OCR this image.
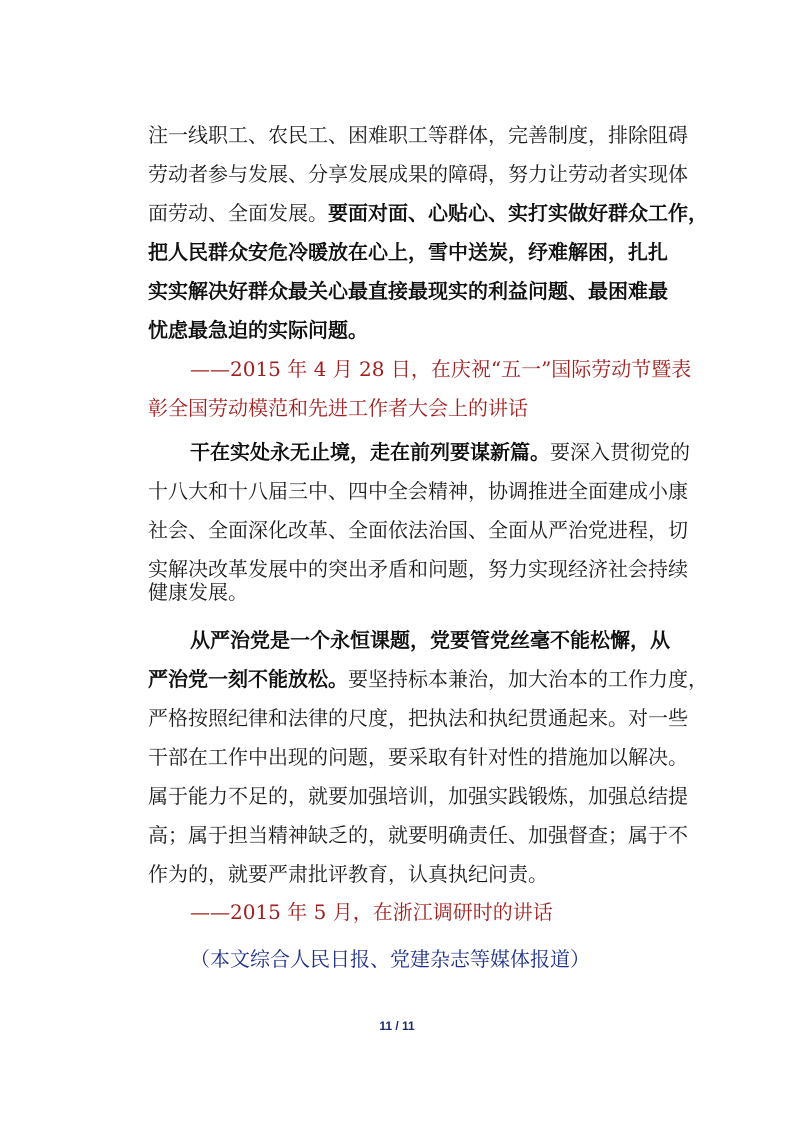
注一线职工、农民工、困难职工等群体，完善制度，排除阻碍

劳动者参与发展、分享发展成果的障碍，努力让劳动者实现体

面劳动、全面发展。要面对面、心贴心、实打实做好群众工作，

把人民群众安危冷暖放在心上，雪中送炭，纾难解困，扎扎

实实解决好群众最关心最直接最现实的利益问题、最困难最

忧虑最急迫的实际问题。

——2015 年 4 月 28 日，在庆祝“五一”国际劳动节暨表

彰全国劳动模范和先进工作者大会上的讲话

干在实处永无止境，走在前列要谋新篇。要深入贯彻党的

十八大和十八届三中、四中全会精神，协调推进全面建成小康

社会、全面深化改革、全面依法治国、全面从严治党进程，切

实解决改革发展中的突出矛盾和问题，努力实现经济社会持续

健康发展。

从严治党是一个永恒课题，党要管党丝毫不能松懈，从

严治党一刻不能放松。要坚持标本兼治，加大治本的工作力度，

严格按照纪律和法律的尺度，把执法和执纪贯通起来。对一些

干部在工作中出现的问题，要采取有针对性的措施加以解决。

属于能力不足的，就要加强培训，加强实践锻炼，加强总结提

高；属于担当精神缺乏的，就要明确责任、加强督查；属于不

作为的，就要严肃批评教育，认真执纪问责。

——2015 年 5 月，在浙江调研时的讲话

（本文综合人民日报、党建杂志等媒体报道）

11 / 11
